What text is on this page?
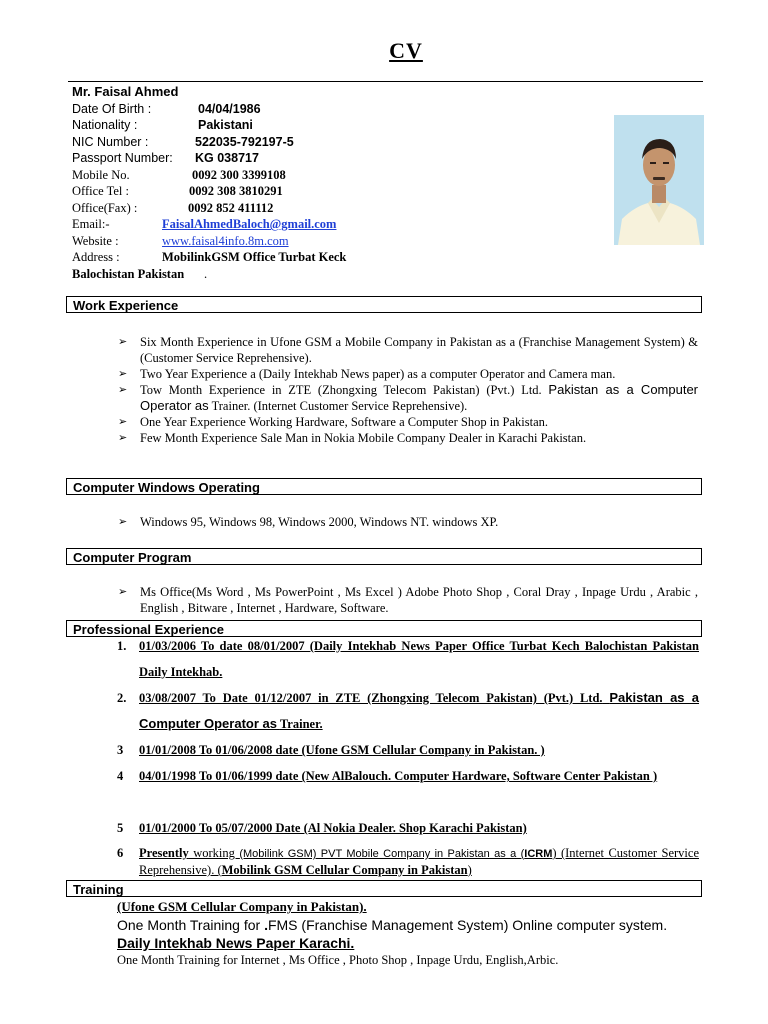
CV
Mr. Faisal Ahmed
Date Of Birth :	04/04/1986
Nationality :	Pakistani
NIC Number :	522035-792197-5
Passport Number: KG 038717
Mobile No.	0092 300 3399108
Office Tel :	0092 308 3810291
Office(Fax) :	0092 852 411112
Email:-	FaisalAhmedBaloch@gmail.com
Website :	www.faisal4info.8m.com
Address :	MobilinkGSM Office Turbat Keck
Balochistan Pakistan .
Work Experience
➢ Six Month Experience in Ufone GSM a Mobile Company in Pakistan as a (Franchise Management System) & (Customer Service Reprehensive).
➢ Two Year Experience a (Daily Intekhab News paper) as a computer Operator and Camera man.
➢ Tow Month Experience in ZTE (Zhongxing Telecom Pakistan) (Pvt.) Ltd. Pakistan as a Computer Operator as Trainer. (Internet Customer Service Reprehensive).
➢ One Year Experience Working Hardware, Software a Computer Shop in Pakistan.
➢ Few Month Experience Sale Man in Nokia Mobile Company Dealer in Karachi Pakistan.
Computer Windows Operating
➢ Windows 95, Windows 98, Windows 2000, Windows NT. windows XP.
Computer Program
➢ Ms Office(Ms Word , Ms PowerPoint , Ms Excel ) Adobe Photo Shop , Coral Dray , Inpage Urdu , Arabic , English , Bitware , Internet , Hardware, Software.
Professional Experience
1. 01/03/2006 To date 08/01/2007 (Daily Intekhab News Paper Office Turbat Kech Balochistan Pakistan Daily Intekhab.
2. 03/08/2007 To Date 01/12/2007 in ZTE (Zhongxing Telecom Pakistan) (Pvt.) Ltd. Pakistan as a Computer Operator as Trainer.
3 01/01/2008 To 01/06/2008 date (Ufone GSM Cellular Company in Pakistan. )
4 04/01/1998 To 01/06/1999 date (New AlBalouch. Computer Hardware, Software Center Pakistan )
5 01/01/2000 To 05/07/2000 Date (Al Nokia Dealer. Shop Karachi Pakistan)
6 Presently working (Mobilink GSM) PVT Mobile Company in Pakistan as a (ICRM) (Internet Customer Service Reprehensive). (Mobilink GSM Cellular Company in Pakistan)
Training
(Ufone GSM Cellular Company in Pakistan).
One Month Training for .FMS (Franchise Management System) Online computer system.
Daily Intekhab News Paper Karachi.
One Month Training for Internet , Ms Office , Photo Shop , Inpage Urdu, English,Arbic.
